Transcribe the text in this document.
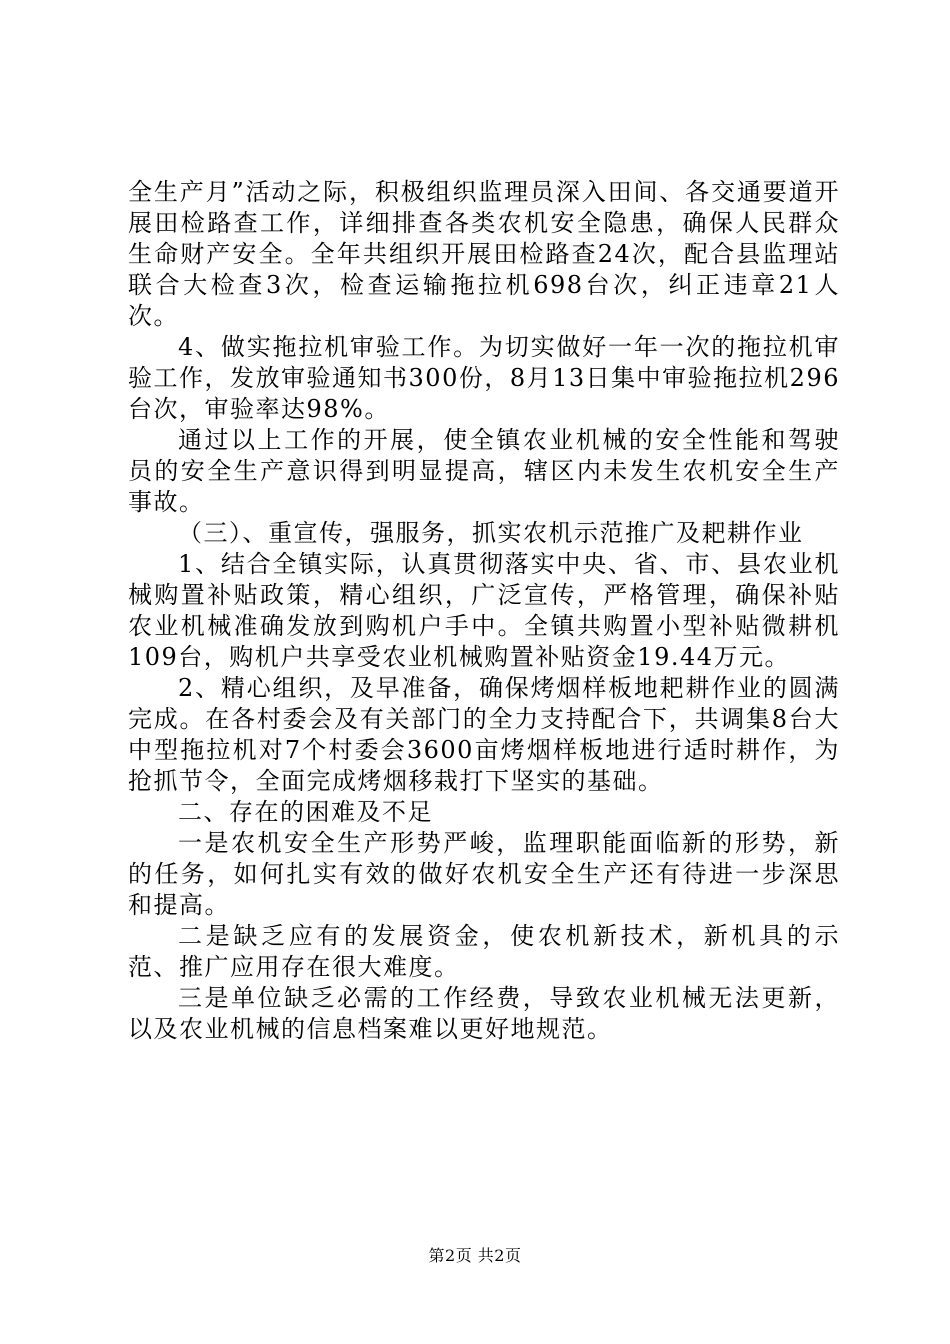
全生产月”活动之际，积极组织监理员深入田间、各交通要道开展田检路查工作，详细排查各类农机安全隐患，确保人民群众生命财产安全。全年共组织开展田检路查24次，配合县监理站联合大检查3次，检查运输拖拉机698台次，纠正违章21人次。

4、做实拖拉机审验工作。为切实做好一年一次的拖拉机审验工作，发放审验通知书300份，8月13日集中审验拖拉机296台次，审验率达98%。

通过以上工作的开展，使全镇农业机械的安全性能和驾驶员的安全生产意识得到明显提高，辖区内未发生农机安全生产事故。

（三）、重宣传，强服务，抓实农机示范推广及耙耕作业

1、结合全镇实际，认真贯彻落实中央、省、市、县农业机械购置补贴政策，精心组织，广泛宣传，严格管理，确保补贴农业机械准确发放到购机户手中。全镇共购置小型补贴微耕机109台，购机户共享受农业机械购置补贴资金19.44万元。

2、精心组织，及早准备，确保烤烟样板地耙耕作业的圆满完成。在各村委会及有关部门的全力支持配合下，共调集8台大中型拖拉机对7个村委会3600亩烤烟样板地进行适时耕作，为抢抓节令，全面完成烤烟移栽打下坚实的基础。

二、存在的困难及不足

一是农机安全生产形势严峻，监理职能面临新的形势，新的任务，如何扎实有效的做好农机安全生产还有待进一步深思和提高。

二是缺乏应有的发展资金，使农机新技术，新机具的示范、推广应用存在很大难度。

三是单位缺乏必需的工作经费，导致农业机械无法更新，以及农业机械的信息档案难以更好地规范。

第2页 共2页
